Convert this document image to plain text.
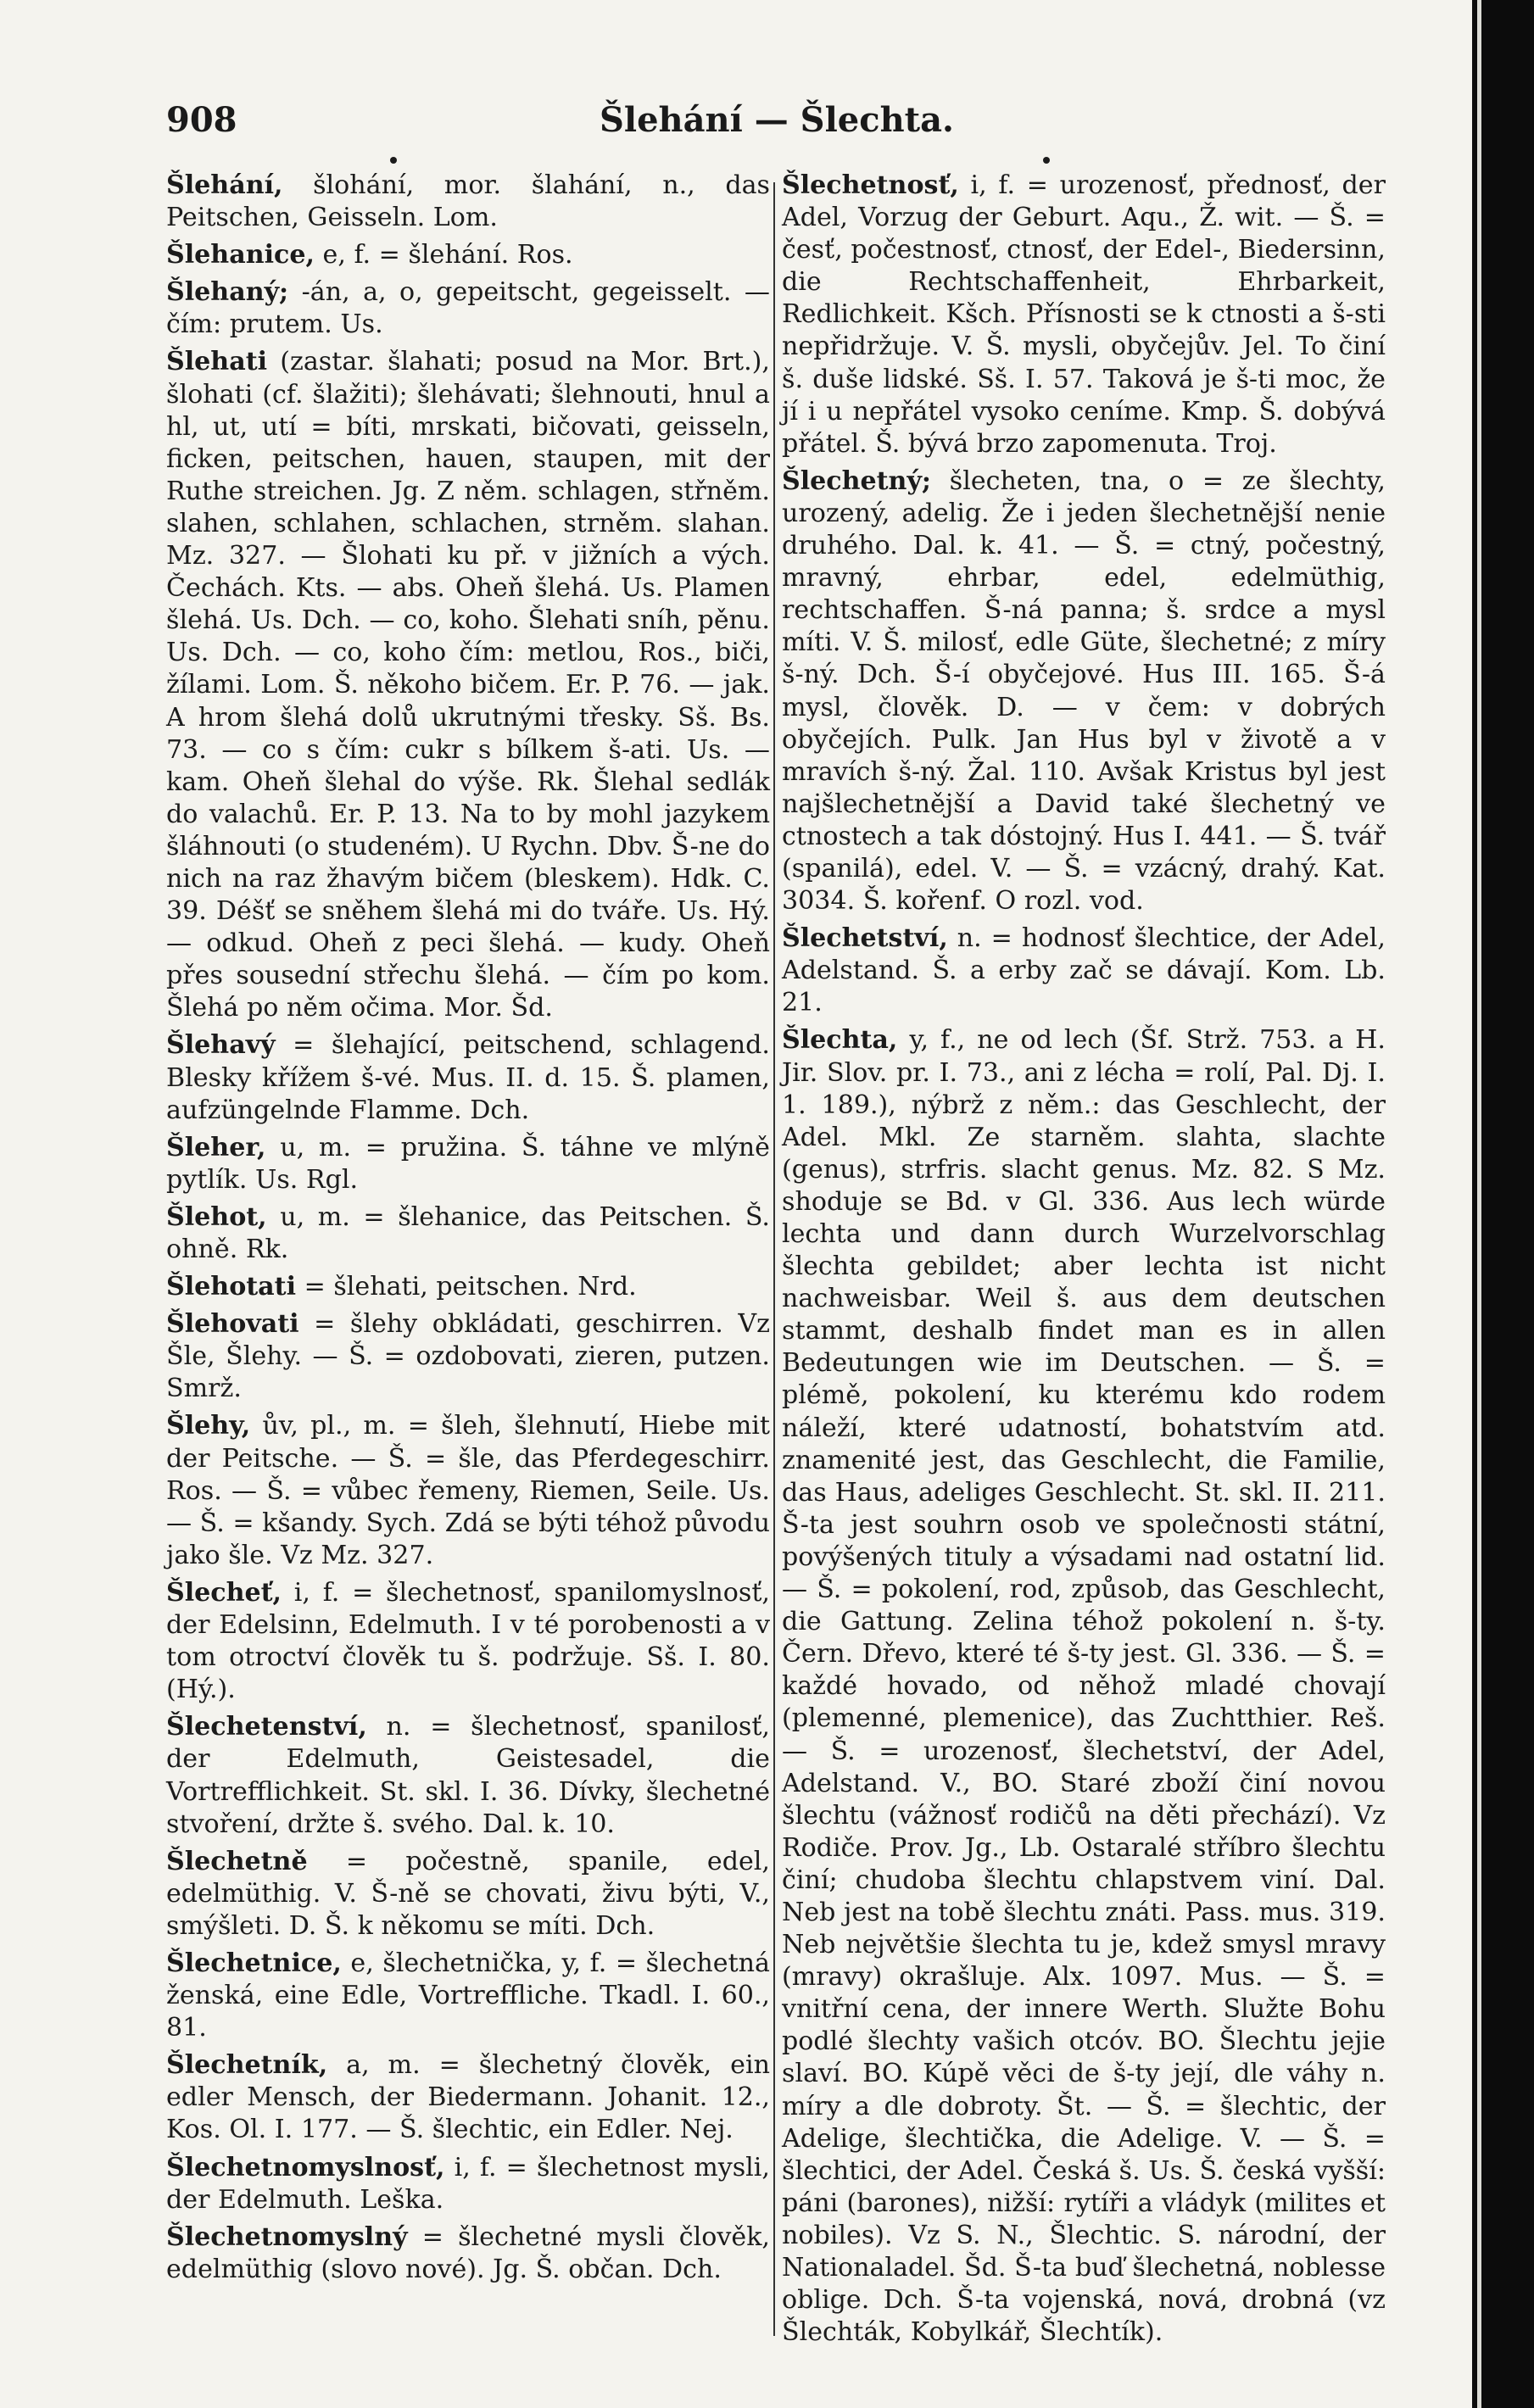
908	Šlehání — Šlechta.

Šlehání, šlohání, mor. šlahání, n., das Peitschen, Geisseln. Lom.

Šlehanice, e, f. = šlehání. Ros.

Šlehaný; -án, a, o, gepeitscht, gegeisselt. — čím: prutem. Us.

Šlehati (zastar. šlahati; posud na Mor. Brt.), šlohati (cf. šlažiti); šlehávati; šlehnouti, hnul a hl, ut, utí = bíti, mrskati, bičovati, geisseln, ficken, peitschen, hauen, staupen, mit der Ruthe streichen. Jg. Z něm. schlagen, střněm. slahen, schlahen, schlachen, strněm. slahan. Mz. 327. — Šlohati ku př. v jižních a vých. Čechách. Kts. — abs. Oheň šlehá. Us. Plamen šlehá. Us. Dch. — co, koho. Šlehati sníh, pěnu. Us. Dch. — co, koho čím: metlou, Ros., biči, žílami. Lom. Š. někoho bičem. Er. P. 76. — jak. A hrom šlehá dolů ukrutnými třesky. Sš. Bs. 73. — co s čím: cukr s bílkem š-ati. Us. — kam. Oheň šlehal do výše. Rk. Šlehal sedlák do valachů. Er. P. 13. Na to by mohl jazykem šláhnouti (o studeném). U Rychn. Dbv. Š-ne do nich na raz žhavým bičem (bleskem). Hdk. C. 39. Déšť se sněhem šlehá mi do tváře. Us. Hý. — odkud. Oheň z peci šlehá. — kudy. Oheň přes sousední střechu šlehá. — čím po kom. Šlehá po něm očima. Mor. Šd.

Šlehavý = šlehající, peitschend, schlagend. Blesky křížem š-vé. Mus. II. d. 15. Š. plamen, aufzüngelnde Flamme. Dch.

Šleher, u, m. = pružina. Š. táhne ve mlýně pytlík. Us. Rgl.

Šlehot, u, m. = šlehanice, das Peitschen. Š. ohně. Rk.

Šlehotati = šlehati, peitschen. Nrd.

Šlehovati = šlehy obkládati, geschirren. Vz Šle, Šlehy. — Š. = ozdobovati, zieren, putzen. Smrž.

Šlehy, ův, pl., m. = šleh, šlehnutí, Hiebe mit der Peitsche. — Š. = šle, das Pferdegeschirr. Ros. — Š. = vůbec řemeny, Riemen, Seile. Us. — Š. = kšandy. Sych. Zdá se býti téhož původu jako šle. Vz Mz. 327.

Šlecheť, i, f. = šlechetnosť, spanilomyslnosť, der Edelsinn, Edelmuth. I v té porobenosti a v tom otroctví člověk tu š. podržuje. Sš. I. 80. (Hý.).

Šlechetenství, n. = šlechetnosť, spanilosť, der Edelmuth, Geistesadel, die Vortrefflichkeit. St. skl. I. 36. Dívky, šlechetné stvoření, držte š. svého. Dal. k. 10.

Šlechetně = počestně, spanile, edel, edelmüthig. V. Š-ně se chovati, živu býti, V., smýšleti. D. Š. k někomu se míti. Dch.

Šlechetnice, e, šlechetnička, y, f. = šlechetná ženská, eine Edle, Vortreffliche. Tkadl. I. 60., 81.

Šlechetník, a, m. = šlechetný člověk, ein edler Mensch, der Biedermann. Johanit. 12., Kos. Ol. I. 177. — Š. šlechtic, ein Edler. Nej.

Šlechetnomyslnosť, i, f. = šlechetnost mysli, der Edelmuth. Leška.

Šlechetnomyslný = šlechetné mysli člověk, edelmüthig (slovo nové). Jg. Š. občan. Dch.

Šlechetnosť, i, f. = urozenosť, přednosť, der Adel, Vorzug der Geburt. Aqu., Ž. wit. — Š. = česť, počestnosť, ctnosť, der Edel-, Biedersinn, die Rechtschaffenheit, Ehrbarkeit, Redlichkeit. Kšch. Přísnosti se k ctnosti a š-sti nepřidržuje. V. Š. mysli, obyčejův. Jel. To činí š. duše lidské. Sš. I. 57. Taková je š-ti moc, že jí i u nepřátel vysoko ceníme. Kmp. Š. dobývá přátel. Š. bývá brzo zapomenuta. Troj.

Šlechetný; šlecheten, tna, o = ze šlechty, urozený, adelig. Že i jeden šlechetnější nenie druhého. Dal. k. 41. — Š. = ctný, počestný, mravný, ehrbar, edel, edelmüthig, rechtschaffen. Š-ná panna; š. srdce a mysl míti. V. Š. milosť, edle Güte, šlechetné; z míry š-ný. Dch. Š-í obyčejové. Hus III. 165. Š-á mysl, člověk. D. — v čem: v dobrých obyčejích. Pulk. Jan Hus byl v životě a v mravích š-ný. Žal. 110. Avšak Kristus byl jest najšlechetnější a David také šlechetný ve ctnostech a tak dóstojný. Hus I. 441. — Š. tvář (spanilá), edel. V. — Š. = vzácný, drahý. Kat. 3034. Š. kořenf. O rozl. vod.

Šlechetství, n. = hodnosť šlechtice, der Adel, Adelstand. Š. a erby zač se dávají. Kom. Lb. 21.

Šlechta, y, f., ne od lech (Šf. Strž. 753. a H. Jir. Slov. pr. I. 73., ani z lécha = rolí, Pal. Dj. I. 1. 189.), nýbrž z něm.: das Geschlecht, der Adel. Mkl. Ze starněm. slahta, slachte (genus), strfris. slacht genus. Mz. 82. S Mz. shoduje se Bd. v Gl. 336. Aus lech würde lechta und dann durch Wurzelvorschlag šlechta gebildet; aber lechta ist nicht nachweisbar. Weil š. aus dem deutschen stammt, deshalb findet man es in allen Bedeutungen wie im Deutschen. — Š. = plémě, pokolení, ku kterému kdo rodem náleží, které udatností, bohatstvím atd. znamenité jest, das Geschlecht, die Familie, das Haus, adeliges Geschlecht. St. skl. II. 211. Š-ta jest souhrn osob ve společnosti státní, povýšených tituly a výsadami nad ostatní lid. — Š. = pokolení, rod, způsob, das Geschlecht, die Gattung. Zelina téhož pokolení n. š-ty. Čern. Dřevo, které té š-ty jest. Gl. 336. — Š. = každé hovado, od něhož mladé chovají (plemenné, plemenice), das Zuchtthier. Reš. — Š. = urozenosť, šlechetství, der Adel, Adelstand. V., BO. Staré zboží činí novou šlechtu (vážnosť rodičů na děti přechází). Vz Rodiče. Prov. Jg., Lb. Ostaralé stříbro šlechtu činí; chudoba šlechtu chlapstvem viní. Dal. Neb jest na tobě šlechtu znáti. Pass. mus. 319. Neb největšie šlechta tu je, kdež smysl mravy (mravy) okrašluje. Alx. 1097. Mus. — Š. = vnitřní cena, der innere Werth. Služte Bohu podlé šlechty vašich otcóv. BO. Šlechtu jejie slaví. BO. Kúpě věci de š-ty její, dle váhy n. míry a dle dobroty. Št. — Š. = šlechtic, der Adelige, šlechtička, die Adelige. V. — Š. = šlechtici, der Adel. Česká š. Us. Š. česká vyšší: páni (barones), nižší: rytíři a vládyk (milites et nobiles). Vz S. N., Šlechtic. S. národní, der Nationaladel. Šd. Š-ta buď šlechetná, noblesse oblige. Dch. Š-ta vojenská, nová, drobná (vz Šlechták, Kobylkář, Šlechtík).
